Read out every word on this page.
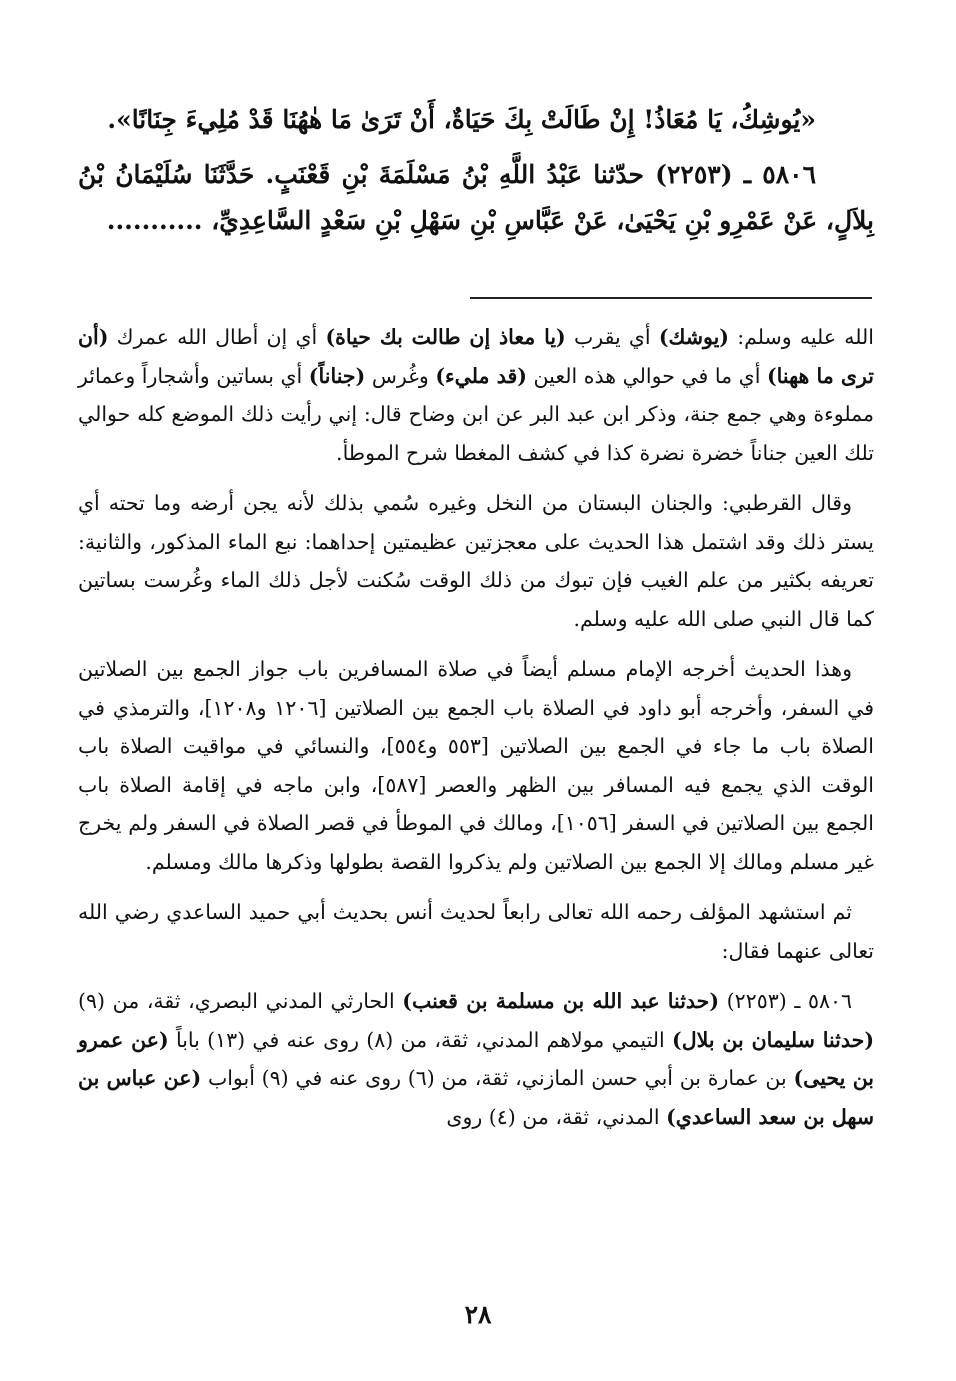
«يُوشِكُ، يَا مُعَاذُ! إِنْ طَالَتْ بِكَ حَيَاةٌ، أَنْ تَرَىٰ مَا هٰهُنَا قَدْ مُلِيءَ جِنَانًا».

٥٨٠٦ ـ (٢٢٥٣) حدّثنا عَبْدُ اللَّهِ بْنُ مَسْلَمَةَ بْنِ قَعْنَبٍ. حَدَّثَنَا سُلَيْمَانُ بْنُ بِلاَلٍ، عَنْ عَمْرِو بْنِ يَحْيَىٰ، عَنْ عَبَّاسِ بْنِ سَهْلِ بْنِ سَعْدٍ السَّاعِدِيِّ، ...........

الله عليه وسلم: (يوشك) أي يقرب (يا معاذ إن طالت بك حياة) أي إن أطال الله عمرك (أن ترى ما ههنا) أي ما في حوالي هذه العين (قد مليء) وغُرس (جناناً) أي بساتين وأشجاراً وعمائر مملوءة وهي جمع جنة، وذكر ابن عبد البر عن ابن وضاح قال: إني رأيت ذلك الموضع كله حوالي تلك العين جناناً خضرة نضرة كذا في كشف المغطا شرح الموطأ.

وقال القرطبي: والجنان البستان من النخل وغيره سُمي بذلك لأنه يجن أرضه وما تحته أي يستر ذلك وقد اشتمل هذا الحديث على معجزتين عظيمتين إحداهما: نبع الماء المذكور، والثانية: تعريفه بكثير من علم الغيب فإن تبوك من ذلك الوقت سُكنت لأجل ذلك الماء وغُرست بساتين كما قال النبي صلى الله عليه وسلم.

وهذا الحديث أخرجه الإمام مسلم أيضاً في صلاة المسافرين باب جواز الجمع بين الصلاتين في السفر، وأخرجه أبو داود في الصلاة باب الجمع بين الصلاتين [١٢٠٦ و١٢٠٨]، والترمذي في الصلاة باب ما جاء في الجمع بين الصلاتين [٥٥٣ و٥٥٤]، والنسائي في مواقيت الصلاة باب الوقت الذي يجمع فيه المسافر بين الظهر والعصر [٥٨٧]، وابن ماجه في إقامة الصلاة باب الجمع بين الصلاتين في السفر [١٠٥٦]، ومالك في الموطأ في قصر الصلاة في السفر ولم يخرج غير مسلم ومالك إلا الجمع بين الصلاتين ولم يذكروا القصة بطولها وذكرها مالك ومسلم.

ثم استشهد المؤلف رحمه الله تعالى رابعاً لحديث أنس بحديث أبي حميد الساعدي رضي الله تعالى عنهما فقال:

٥٨٠٦ ـ (٢٢٥٣) (حدثنا عبد الله بن مسلمة بن قعنب) الحارثي المدني البصري، ثقة، من (٩) (حدثنا سليمان بن بلال) التيمي مولاهم المدني، ثقة، من (٨) روى عنه في (١٣) باباً (عن عمرو بن يحيى) بن عمارة بن أبي حسن المازني، ثقة، من (٦) روى عنه في (٩) أبواب (عن عباس بن سهل بن سعد الساعدي) المدني، ثقة، من (٤) روى

٢٨
